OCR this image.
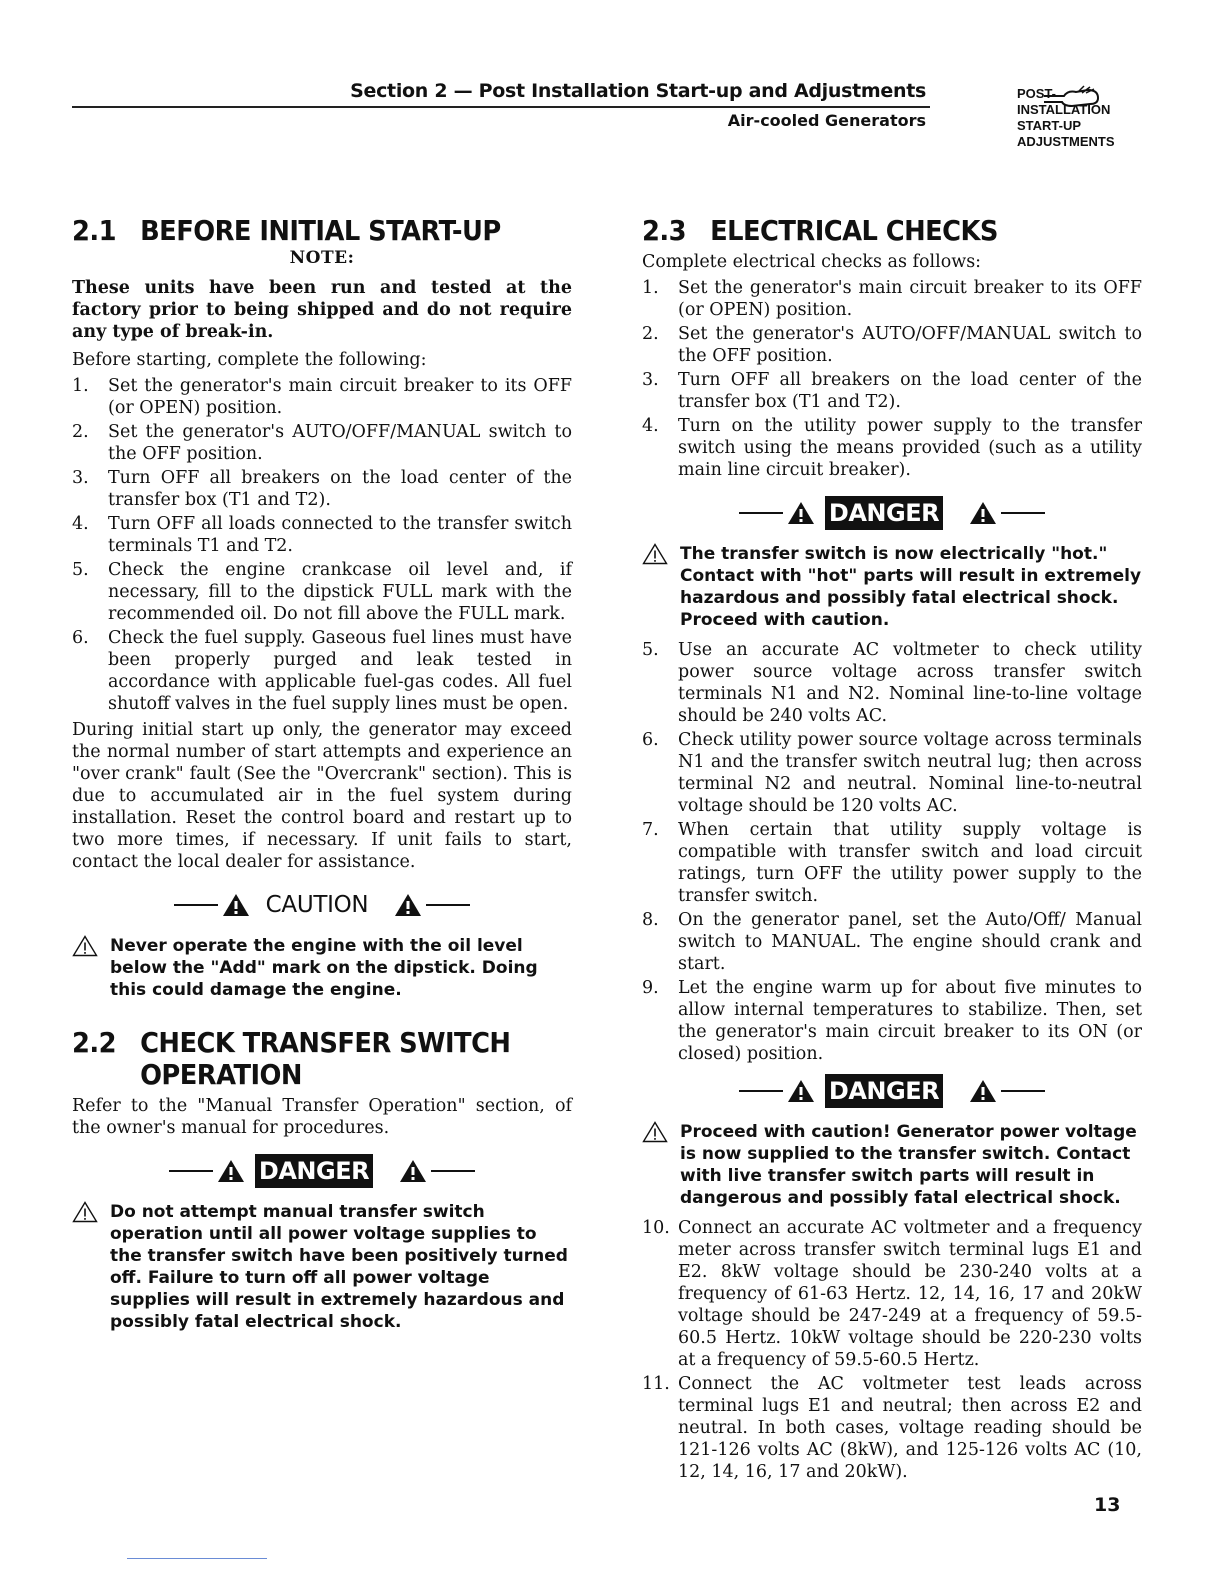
Section 2 — Post Installation Start-up and Adjustments
Air-cooled Generators
POST-
INSTALLATION
START-UP
ADJUSTMENTS
2.1 BEFORE INITIAL START-UP
NOTE:
These units have been run and tested at the factory prior to being shipped and do not require any type of break-in.

Before starting, complete the following:

1. Set the generator's main circuit breaker to its OFF (or OPEN) position.
2. Set the generator's AUTO/OFF/MANUAL switch to the OFF position.
3. Turn OFF all breakers on the load center of the transfer box (T1 and T2).
4. Turn OFF all loads connected to the transfer switch terminals T1 and T2.
5. Check the engine crankcase oil level and, if necessary, fill to the dipstick FULL mark with the recommended oil. Do not fill above the FULL mark.
6. Check the fuel supply. Gaseous fuel lines must have been properly purged and leak tested in accordance with applicable fuel-gas codes. All fuel shutoff valves in the fuel supply lines must be open.

During initial start up only, the generator may exceed the normal number of start attempts and experience an "over crank" fault (See the "Overcrank" section). This is due to accumulated air in the fuel system during installation. Reset the control board and restart up to two more times, if necessary. If unit fails to start, contact the local dealer for assistance.

CAUTION
Never operate the engine with the oil level below the "Add" mark on the dipstick. Doing this could damage the engine.
2.2 CHECK TRANSFER SWITCH
OPERATION

Refer to the "Manual Transfer Operation" section, of the owner's manual for procedures.

DANGER
Do not attempt manual transfer switch operation until all power voltage supplies to the transfer switch have been positively turned off. Failure to turn off all power voltage supplies will result in extremely hazardous and possibly fatal electrical shock.
2.3 ELECTRICAL CHECKS

Complete electrical checks as follows:

1. Set the generator's main circuit breaker to its OFF (or OPEN) position.
2. Set the generator's AUTO/OFF/MANUAL switch to the OFF position.
3. Turn OFF all breakers on the load center of the transfer box (T1 and T2).
4. Turn on the utility power supply to the transfer switch using the means provided (such as a utility main line circuit breaker).
DANGER
The transfer switch is now electrically "hot." Contact with "hot" parts will result in extremely hazardous and possibly fatal electrical shock. Proceed with caution.
5. Use an accurate AC voltmeter to check utility power source voltage across transfer switch terminals N1 and N2. Nominal line-to-line voltage should be 240 volts AC.
6. Check utility power source voltage across terminals N1 and the transfer switch neutral lug; then across terminal N2 and neutral. Nominal line-to-neutral voltage should be 120 volts AC.
7. When certain that utility supply voltage is compatible with transfer switch and load circuit ratings, turn OFF the utility power supply to the transfer switch.
8. On the generator panel, set the Auto/Off/ Manual switch to MANUAL. The engine should crank and start.
9. Let the engine warm up for about five minutes to allow internal temperatures to stabilize. Then, set the generator's main circuit breaker to its ON (or closed) position.
DANGER
Proceed with caution! Generator power voltage is now supplied to the transfer switch. Contact with live transfer switch parts will result in dangerous and possibly fatal electrical shock.
10. Connect an accurate AC voltmeter and a frequency meter across transfer switch terminal lugs E1 and E2. 8kW voltage should be 230-240 volts at a frequency of 61-63 Hertz. 12, 14, 16, 17 and 20kW voltage should be 247-249 at a frequency of 59.5-60.5 Hertz. 10kW voltage should be 220-230 volts at a frequency of 59.5-60.5 Hertz.
11. Connect the AC voltmeter test leads across terminal lugs E1 and neutral; then across E2 and neutral. In both cases, voltage reading should be 121-126 volts AC (8kW), and 125-126 volts AC (10, 12, 14, 16, 17 and 20kW).
13
